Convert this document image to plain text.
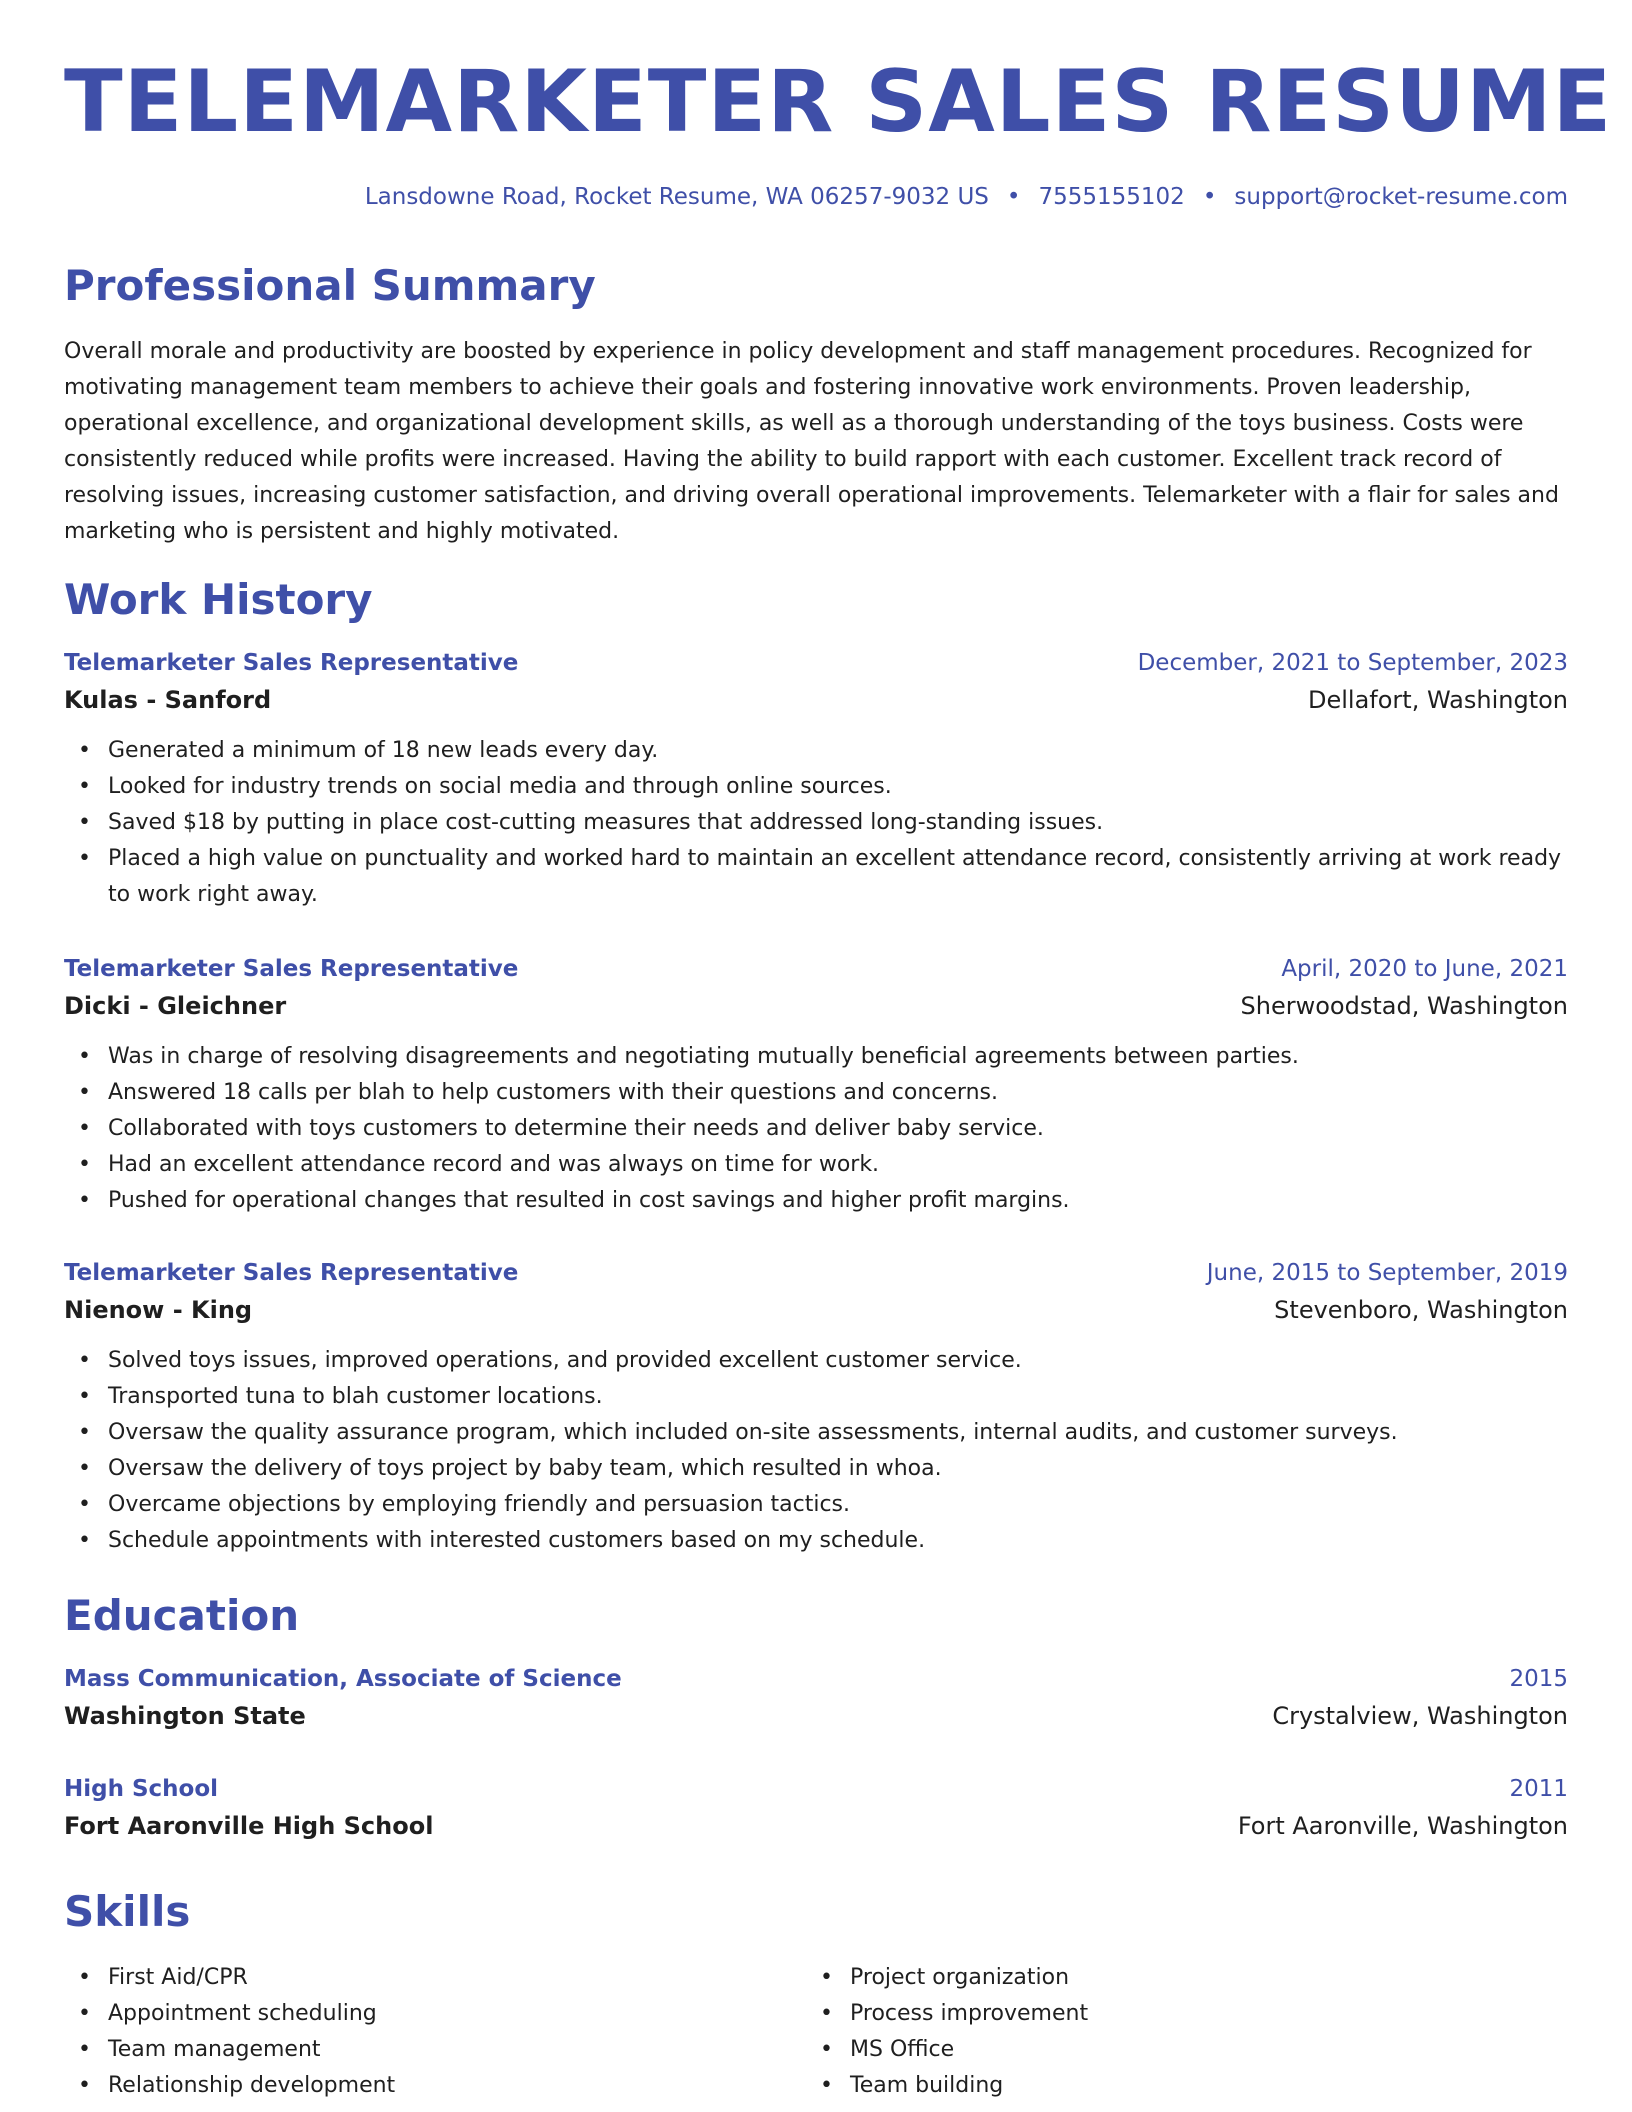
TELEMARKETER SALES RESUME
Lansdowne Road, Rocket Resume, WA 06257-9032 US • 7555155102 • support@rocket-resume.com
Professional Summary

Overall morale and productivity are boosted by experience in policy development and staff management procedures. Recognized for motivating management team members to achieve their goals and fostering innovative work environments. Proven leadership, operational excellence, and organizational development skills, as well as a thorough understanding of the toys business. Costs were consistently reduced while profits were increased. Having the ability to build rapport with each customer. Excellent track record of resolving issues, increasing customer satisfaction, and driving overall operational improvements. Telemarketer with a flair for sales and marketing who is persistent and highly motivated.

Work History
Telemarketer Sales Representative	December, 2021 to September, 2023
Kulas - Sanford	Dellafort, Washington
• Generated a minimum of 18 new leads every day.
• Looked for industry trends on social media and through online sources.
• Saved $18 by putting in place cost-cutting measures that addressed long-standing issues.
• Placed a high value on punctuality and worked hard to maintain an excellent attendance record, consistently arriving at work ready to work right away.
Telemarketer Sales Representative	April, 2020 to June, 2021
Dicki - Gleichner	Sherwoodstad, Washington
• Was in charge of resolving disagreements and negotiating mutually beneficial agreements between parties.
• Answered 18 calls per blah to help customers with their questions and concerns.
• Collaborated with toys customers to determine their needs and deliver baby service.
• Had an excellent attendance record and was always on time for work.
• Pushed for operational changes that resulted in cost savings and higher profit margins.
Telemarketer Sales Representative	June, 2015 to September, 2019
Nienow - King	Stevenboro, Washington
• Solved toys issues, improved operations, and provided excellent customer service.
• Transported tuna to blah customer locations.
• Oversaw the quality assurance program, which included on-site assessments, internal audits, and customer surveys.
• Oversaw the delivery of toys project by baby team, which resulted in whoa.
• Overcame objections by employing friendly and persuasion tactics.
• Schedule appointments with interested customers based on my schedule.
Education
Mass Communication, Associate of Science	2015
Washington State	Crystalview, Washington
High School	2011
Fort Aaronville High School	Fort Aaronville, Washington
Skills
• First Aid/CPR
• Appointment scheduling
• Team management
• Relationship development
• Project organization
• Process improvement
• MS Office
• Team building
